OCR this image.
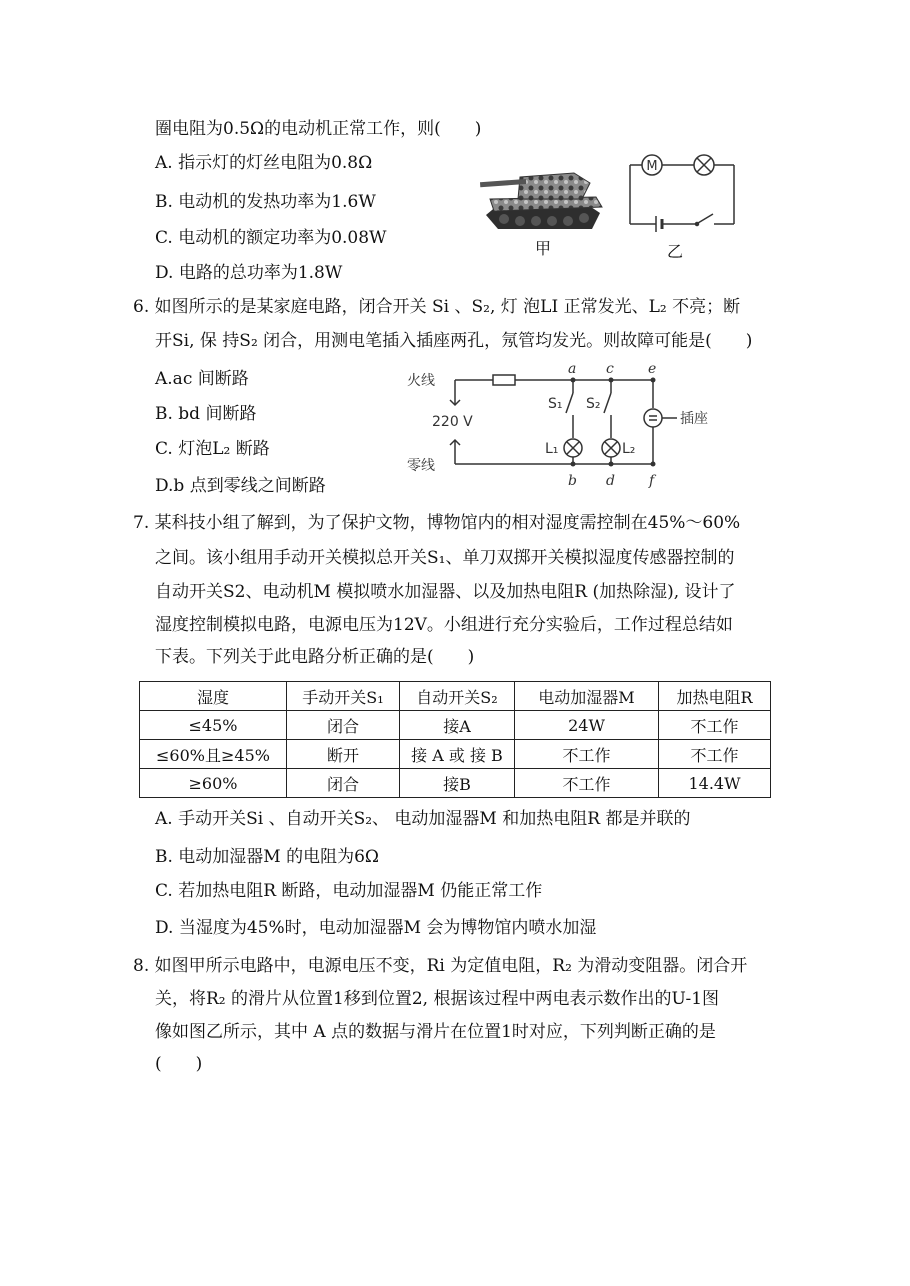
圈电阻为0.5Ω的电动机正常工作，则(　　)
A. 指示灯的灯丝电阻为0.8Ω
B. 电动机的发热功率为1.6W
C. 电动机的额定功率为0.08W
D. 电路的总功率为1.8W
甲
M
乙
6. 如图所示的是某家庭电路，闭合开关 Si 、S₂, 灯 泡LI 正常发光、L₂ 不亮；断
开Si, 保 持S₂ 闭合，用测电笔插入插座两孔，氖管均发光。则故障可能是(　　)
A.ac 间断路
B. bd 间断路
C. 灯泡L₂ 断路
D.b 点到零线之间断路
火线
零线
220 V	插座
S₁ S₂
L₁	L₂
a c e
b d f
7. 某科技小组了解到，为了保护文物，博物馆内的相对湿度需控制在45%～60%
之间。该小组用手动开关模拟总开关S₁、单刀双掷开关模拟湿度传感器控制的
自动开关S2、电动机M 模拟喷水加湿器、以及加热电阻R (加热除湿), 设计了
湿度控制模拟电路，电源电压为12V。小组进行充分实验后，工作过程总结如
下表。下列关于此电路分析正确的是(　　)
湿度	手动开关S₁	自动开关S₂	电动加湿器M	加热电阻R
≤45%	闭合	接A	24W	不工作
≤60%且≥45%	断开	接 A 或 接 B	不工作	不工作
≥60%	闭合	接B	不工作	14.4W
A. 手动开关Si 、自动开关S₂、 电动加湿器M 和加热电阻R 都是并联的
B. 电动加湿器M 的电阻为6Ω
C. 若加热电阻R 断路，电动加湿器M 仍能正常工作
D. 当湿度为45%时，电动加湿器M 会为博物馆内喷水加湿
8. 如图甲所示电路中，电源电压不变，Ri 为定值电阻，R₂ 为滑动变阻器。闭合开
关，将R₂ 的滑片从位置1移到位置2, 根据该过程中两电表示数作出的U-1图
像如图乙所示，其中 A 点的数据与滑片在位置1时对应，下列判断正确的是
(　　)
